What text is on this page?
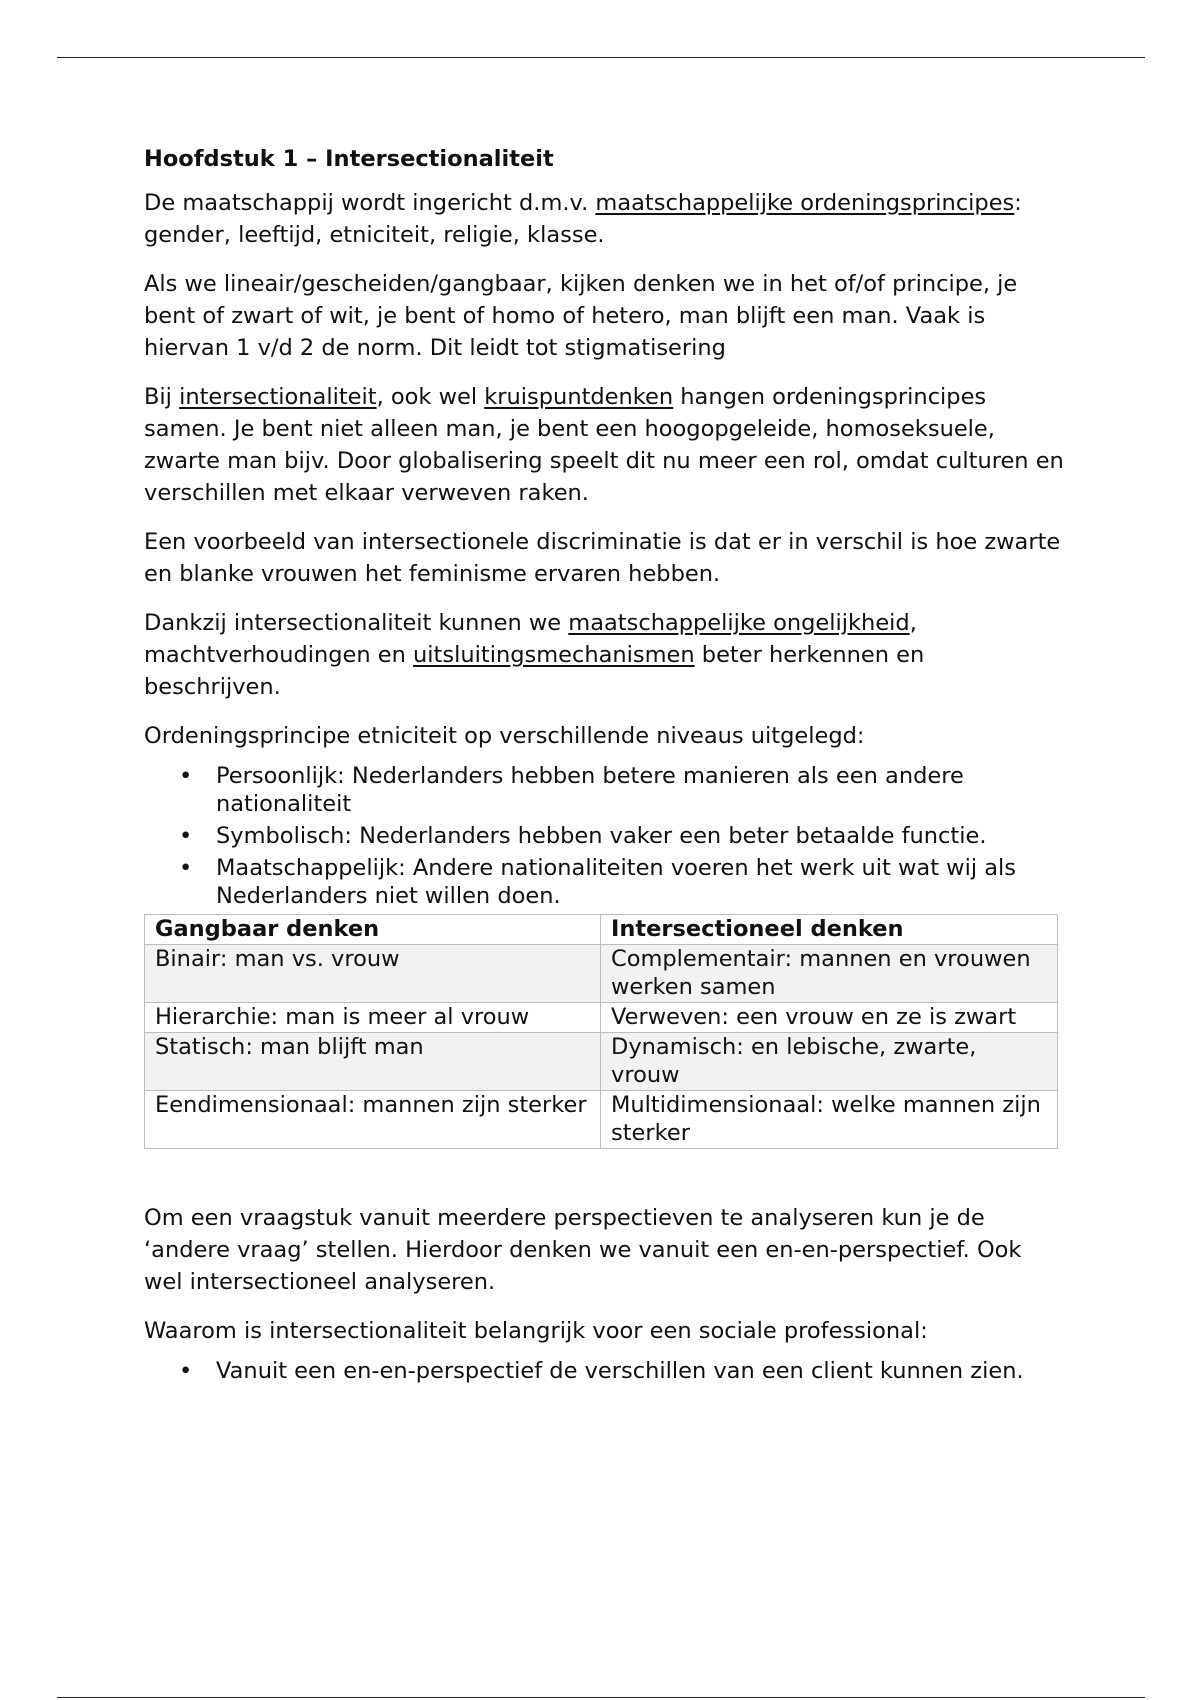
Hoofdstuk 1 – Intersectionaliteit

De maatschappij wordt ingericht d.m.v. maatschappelijke ordeningsprincipes: gender, leeftijd, etniciteit, religie, klasse.

Als we lineair/gescheiden/gangbaar, kijken denken we in het of/of principe, je bent of zwart of wit, je bent of homo of hetero, man blijft een man. Vaak is hiervan 1 v/d 2 de norm. Dit leidt tot stigmatisering

Bij intersectionaliteit, ook wel kruispuntdenken hangen ordeningsprincipes samen. Je bent niet alleen man, je bent een hoogopgeleide, homoseksuele, zwarte man bijv. Door globalisering speelt dit nu meer een rol, omdat culturen en verschillen met elkaar verweven raken.

Een voorbeeld van intersectionele discriminatie is dat er in verschil is hoe zwarte en blanke vrouwen het feminisme ervaren hebben.

Dankzij intersectionaliteit kunnen we maatschappelijke ongelijkheid, machtverhoudingen en uitsluitingsmechanismen beter herkennen en beschrijven.

Ordeningsprincipe etniciteit op verschillende niveaus uitgelegd:

• Persoonlijk: Nederlanders hebben betere manieren als een andere nationaliteit
• Symbolisch: Nederlanders hebben vaker een beter betaalde functie.
• Maatschappelijk: Andere nationaliteiten voeren het werk uit wat wij als Nederlanders niet willen doen.
Gangbaar denken	Intersectioneel denken
Binair: man vs. vrouw	Complementair: mannen en vrouwen werken samen
Hierarchie: man is meer al vrouw	Verweven: een vrouw en ze is zwart
Statisch: man blijft man	Dynamisch: en lebische, zwarte, vrouw
Eendimensionaal: mannen zijn sterker	Multidimensionaal: welke mannen zijn sterker

Om een vraagstuk vanuit meerdere perspectieven te analyseren kun je de ‘andere vraag’ stellen. Hierdoor denken we vanuit een en-en-perspectief. Ook wel intersectioneel analyseren.

Waarom is intersectionaliteit belangrijk voor een sociale professional:

• Vanuit een en-en-perspectief de verschillen van een client kunnen zien.
